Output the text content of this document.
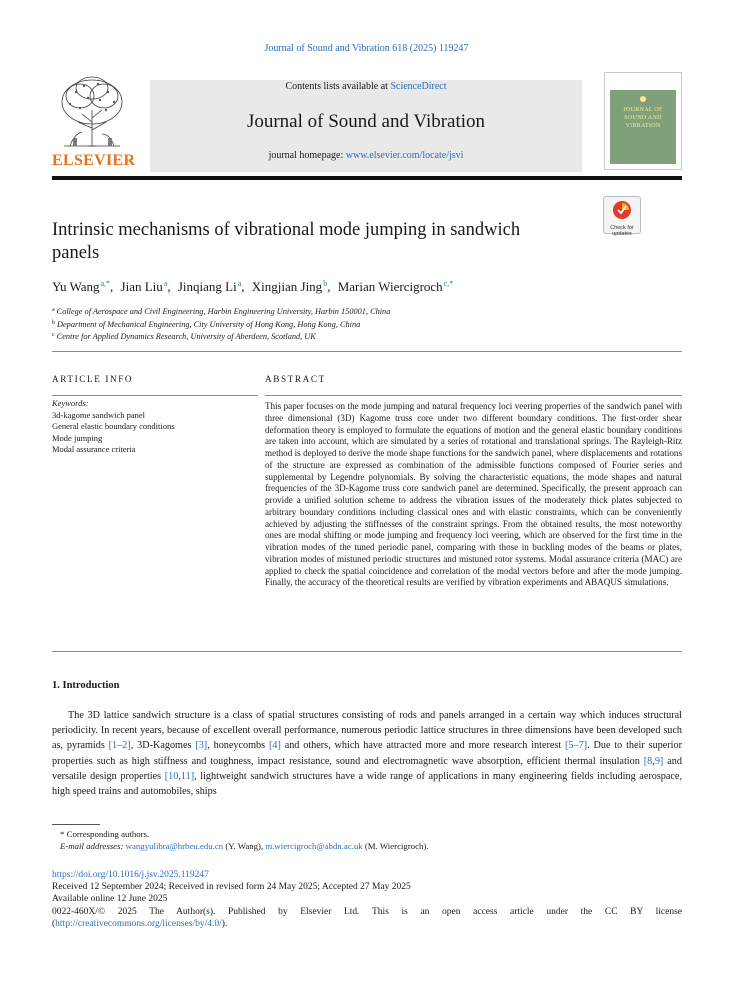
Journal of Sound and Vibration 618 (2025) 119247
ELSEVIER
Contents lists available at ScienceDirect
Journal of Sound and Vibration
journal homepage: www.elsevier.com/locate/jsvi
JOURNAL OF
SOUND AND
VIBRATION
Check for
updates
Intrinsic mechanisms of vibrational mode jumping in sandwich panels
Yu Wang$^{a,*}$, Jian Liu$^a$, Jinqiang Li$^a$, Xingjian Jing$^b$, Marian Wiercigroch$^{c,*}$
$^a$ College of Aerospace and Civil Engineering, Harbin Engineering University, Harbin 150001, China
$^b$ Department of Mechanical Engineering, City University of Hong Kong, Hong Kong, China
$^c$ Centre for Applied Dynamics Research, University of Aberdeen, Scotland, UK
ARTICLE INFO	ABSTRACT
Keywords:
3d-kagome sandwich panel
General elastic boundary conditions
Mode jumping
Modal assurance criteria
This paper focuses on the mode jumping and natural frequency loci veering properties of the sandwich panel with three dimensional (3D) Kagome truss core under two different boundary conditions. The first-order shear deformation theory is employed to formulate the equations of motion and the general elastic boundary conditions are taken into account, which are simulated by a series of rotational and translational springs. The Rayleigh-Ritz method is deployed to derive the mode shape functions for the sandwich panel, where displacements and rotations of the structure are expressed as combination of the admissible functions composed of Fourier series and supplemental by Legendre polynomials. By solving the characteristic equations, the mode shapes and natural frequencies of the 3D-Kagome truss core sandwich panel are determined. Specifically, the present approach can provide a unified solution scheme to address the vibration issues of the moderately thick plates subjected to arbitrary boundary conditions including classical ones and with elastic constraints, which can be conveniently achieved by adjusting the stiffnesses of the constraint springs. From the obtained results, the most noteworthy ones are modal shifting or mode jumping and frequency loci veering, which are observed for the first time in the vibration modes of the tuned periodic panel, comparing with those in buckling modes of the beams or plates, vibration modes of mistuned periodic structures and mistuned rotor systems. Modal assurance criteria (MAC) are applied to check the spatial coincidence and correlation of the modal vectors before and after the mode jumping. Finally, the accuracy of the theoretical results are verified by vibration experiments and ABAQUS simulations.
1. Introduction
The 3D lattice sandwich structure is a class of spatial structures consisting of rods and panels arranged in a certain way which induces structural periodicity. In recent years, because of excellent overall performance, numerous periodic lattice structures in three dimensions have been developed such as, pyramids [1–2], 3D-Kagomes [3], honeycombs [4] and others, which have attracted more and more research interest [5–7]. Due to their superior properties such as high stiffness and toughness, impact resistance, sound and electromagnetic wave absorption, efficient thermal insulation [8,9] and versatile design properties [10,11], lightweight sandwich structures have a wide range of applications in many engineering fields including aerospace, high speed trains and automobiles, ships
* Corresponding authors.
E-mail addresses: wangyulibra@hrbeu.edu.cn (Y. Wang), m.wiercigroch@abdn.ac.uk (M. Wiercigroch).
https://doi.org/10.1016/j.jsv.2025.119247
Received 12 September 2024; Received in revised form 24 May 2025; Accepted 27 May 2025
Available online 12 June 2025
0022-460X/© 2025 The Author(s). Published by Elsevier Ltd. This is an open access article under the CC BY license
(http://creativecommons.org/licenses/by/4.0/).
